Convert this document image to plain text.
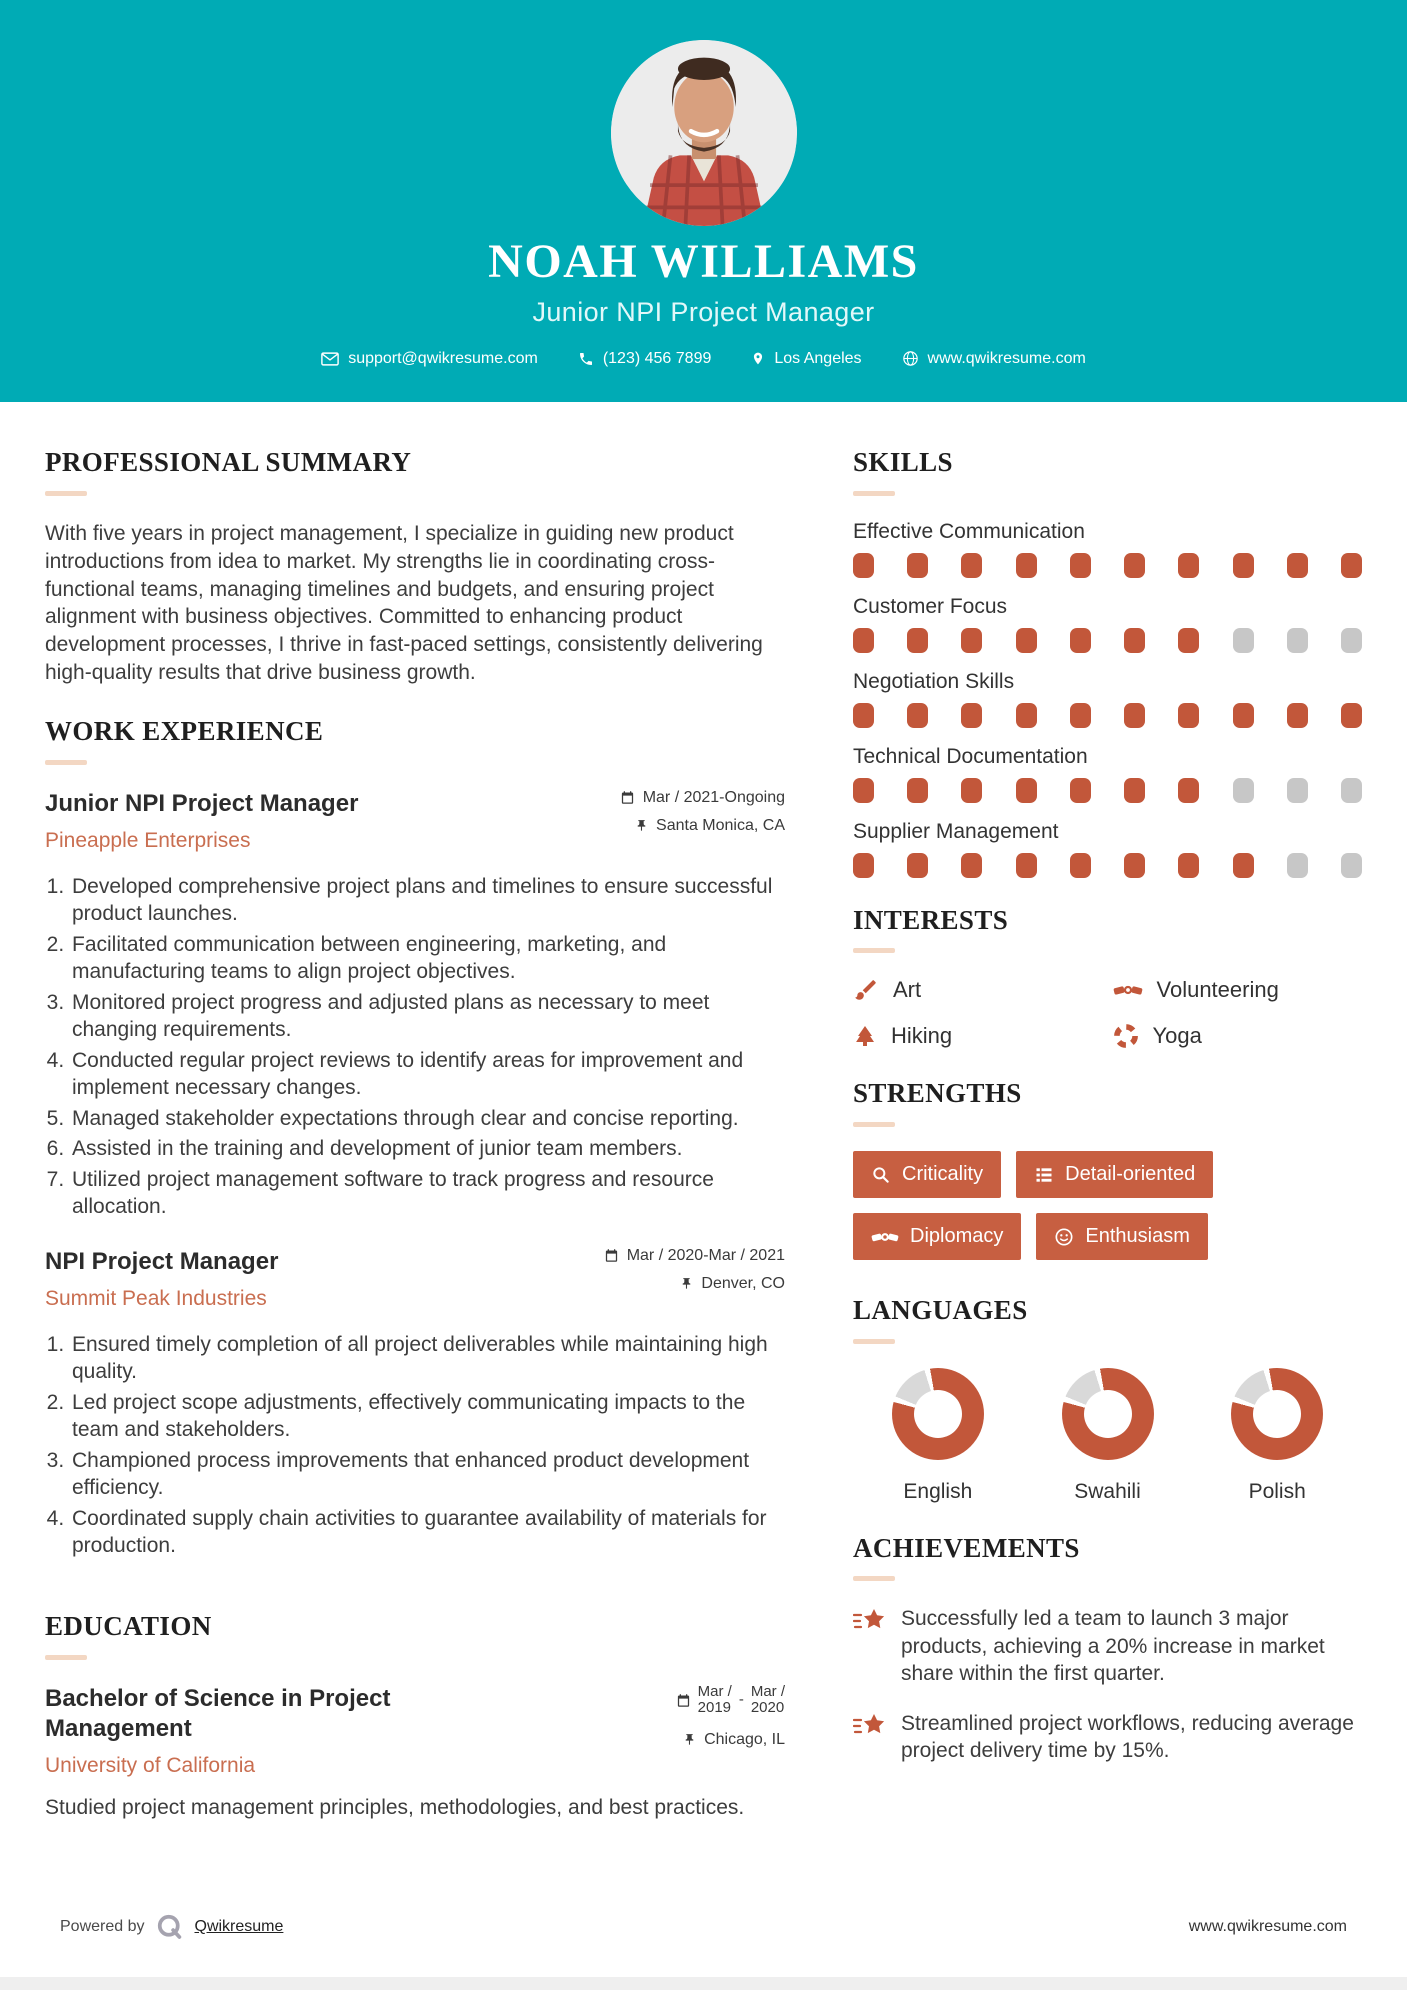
NOAH WILLIAMS
Junior NPI Project Manager
support@qwikresume.com	(123) 456 7899	Los Angeles	www.qwikresume.com
PROFESSIONAL SUMMARY
With five years in project management, I specialize in guiding new product introductions from idea to market. My strengths lie in coordinating cross-functional teams, managing timelines and budgets, and ensuring project alignment with business objectives. Committed to enhancing product development processes, I thrive in fast-paced settings, consistently delivering high-quality results that drive business growth.
WORK EXPERIENCE
Junior NPI Project Manager
Pineapple Enterprises
Mar / 2021-Ongoing
Santa Monica, CA
1. Developed comprehensive project plans and timelines to ensure successful product launches.
2. Facilitated communication between engineering, marketing, and manufacturing teams to align project objectives.
3. Monitored project progress and adjusted plans as necessary to meet changing requirements.
4. Conducted regular project reviews to identify areas for improvement and implement necessary changes.
5. Managed stakeholder expectations through clear and concise reporting.
6. Assisted in the training and development of junior team members.
7. Utilized project management software to track progress and resource allocation.
NPI Project Manager
Summit Peak Industries
Mar / 2020-Mar / 2021
Denver, CO
1. Ensured timely completion of all project deliverables while maintaining high quality.
2. Led project scope adjustments, effectively communicating impacts to the team and stakeholders.
3. Championed process improvements that enhanced product development efficiency.
4. Coordinated supply chain activities to guarantee availability of materials for production.
EDUCATION
Bachelor of Science in Project Management
University of California
Mar /
2019 - Mar /
2020
Chicago, IL
Studied project management principles, methodologies, and best practices.
SKILLS
Effective Communication
Customer Focus
Negotiation Skills
Technical Documentation
Supplier Management
INTERESTS
Art	Volunteering
Hiking	Yoga
STRENGTHS
Criticality	Detail-oriented
Diplomacy	Enthusiasm
LANGUAGES
English	Swahili	Polish
ACHIEVEMENTS
Successfully led a team to launch 3 major products, achieving a 20% increase in market share within the first quarter.
Streamlined project workflows, reducing average project delivery time by 15%.
Powered by	Qwikresume	www.qwikresume.com
